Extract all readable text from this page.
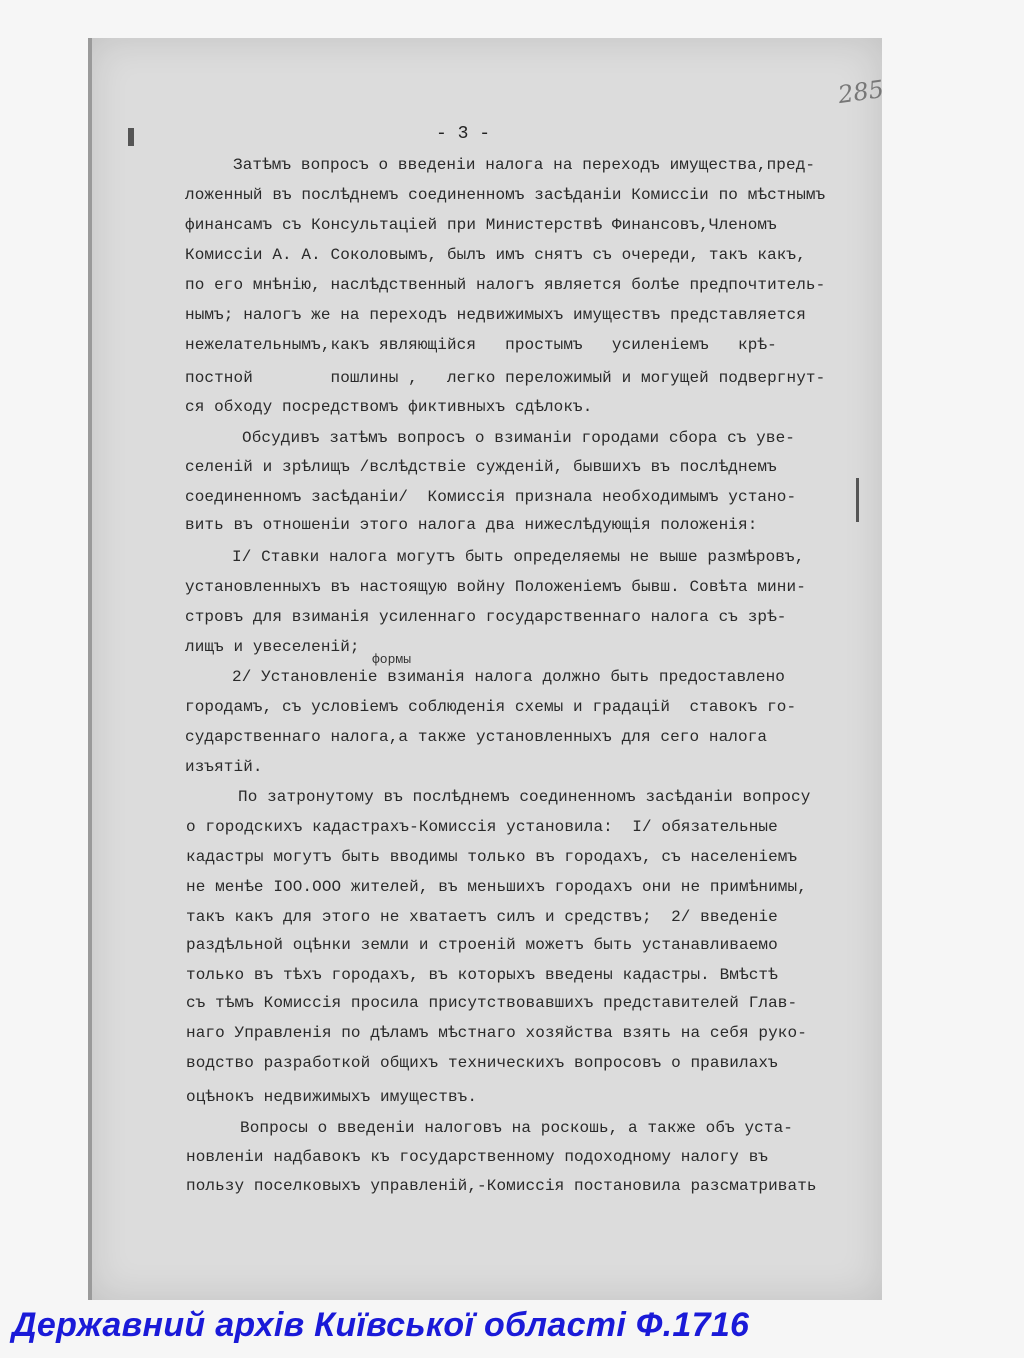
285
- 3 -
формы
Затѣмъ вопросъ о введенiи налога на переходъ имущества,пред-
ложенный въ послѣднемъ соединенномъ засѣданiи Комиссiи по мѣстнымъ
финансамъ съ Консультацiей при Министерствѣ Финансовъ,Членомъ
Комиссiи А. А. Соколовымъ, былъ имъ снятъ съ очереди, такъ какъ,
по его мнѣнiю, наслѣдственный налогъ является болѣе предпочтитель-
нымъ; налогъ же на переходъ недвижимыхъ имуществъ представляется
нежелательнымъ,какъ являющiйся   простымъ   усиленiемъ   крѣ-
постной        пошлины ,   легко переложимый и могущей подвергнут-
ся обходу посредствомъ фиктивныхъ сдѣлокъ.
Обсудивъ затѣмъ вопросъ о взиманiи городами сбора съ уве-
селенiй и зрѣлищъ /вслѣдствiе сужденiй, бывшихъ въ послѣднемъ
соединенномъ засѣданiи/  Комиссiя признала необходимымъ устано-
вить въ отношенiи этого налога два нижеслѣдующiя положенiя:
I/ Ставки налога могутъ быть определяемы не выше размѣровъ,
установленныхъ въ настоящую войну Положенiемъ бывш. Совѣта мини-
стровъ для взиманiя усиленнаго государственнаго налога съ зрѣ-
лищъ и увеселенiй;
2/ Установленiе взиманiя налога должно быть предоставлено
городамъ, съ условiемъ соблюденiя схемы и градацiй  ставокъ го-
сударственнаго налога,а также установленныхъ для сего налога
изъятiй.
По затронутому въ послѣднемъ соединенномъ засѣданiи вопросу
о городскихъ кадастрахъ-Комиссiя установила:  I/ обязательные
кадастры могутъ быть вводимы только въ городахъ, съ населенiемъ
не менѣе IOO.OOO жителей, въ меньшихъ городахъ они не примѣнимы,
такъ какъ для этого не хватаетъ силъ и средствъ;  2/ введенiе
раздѣльной оцѣнки земли и строенiй можетъ быть устанавливаемо
только въ тѣхъ городахъ, въ которыхъ введены кадастры. Вмѣстѣ
съ тѣмъ Комиссiя просила присутствовавшихъ представителей Глав-
наго Управленiя по дѣламъ мѣстнаго хозяйства взять на себя руко-
водство разработкой общихъ техническихъ вопросовъ о правилахъ
оцѣнокъ недвижимыхъ имуществъ.
Вопросы о введенiи налоговъ на роскошь, а также объ уста-
новленiи надбавокъ къ государственному подоходному налогу въ
пользу поселковыхъ управленiй,-Комиссiя постановила разсматривать
Державний архів Київської області Ф.1716
